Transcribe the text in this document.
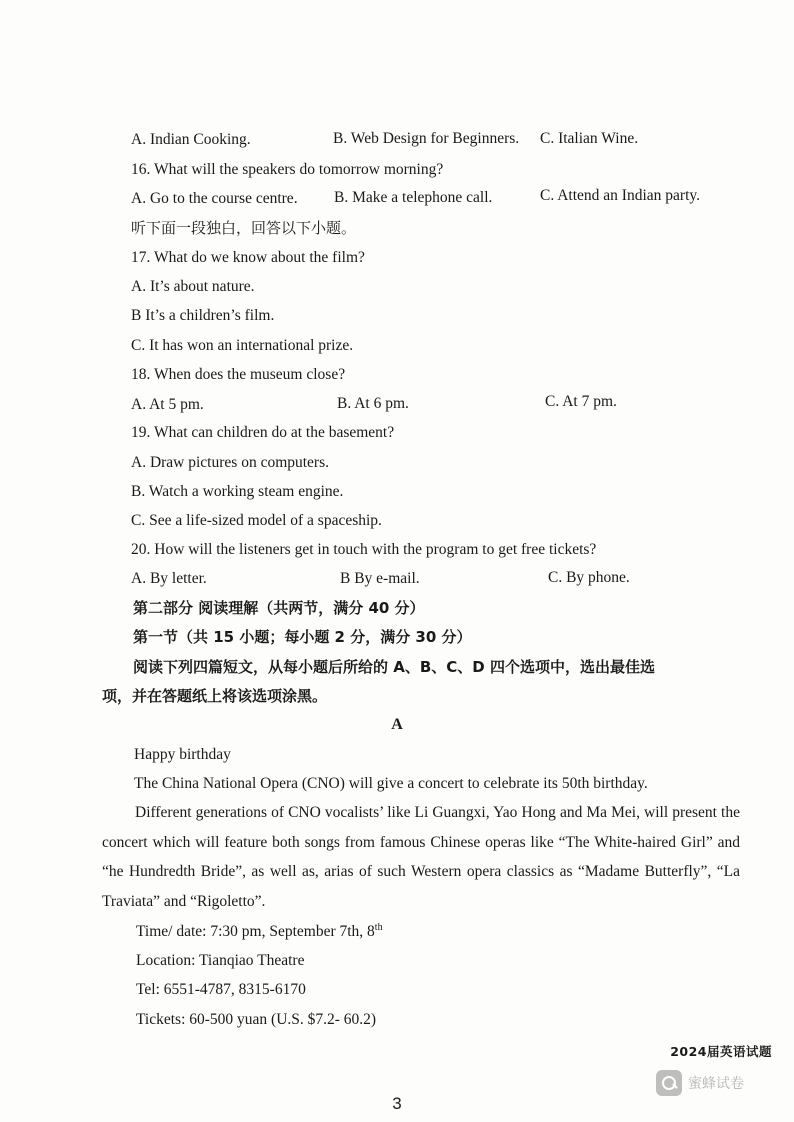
A. Indian Cooking.	B. Web Design for Beginners. C. Italian Wine.
16. What will the speakers do tomorrow morning?
A. Go to the course centre. B. Make a telephone call.	C. Attend an Indian party.
听下面一段独白，回答以下小题。
17. What do we know about the film?
A. It’s about nature.
B It’s a children’s film.
C. It has won an international prize.
18. When does the museum close?
A. At 5 pm.	B. At 6 pm.	C. At 7 pm.
19. What can children do at the basement?
A. Draw pictures on computers.
B. Watch a working steam engine.
C. See a life-sized model of a spaceship.
20. How will the listeners get in touch with the program to get free tickets?
A. By letter.	B By e-mail.	C. By phone.
第二部分 阅读理解（共两节，满分 40 分）
第一节（共 15 小题；每小题 2 分，满分 30 分）
阅读下列四篇短文，从每小题后所给的 A、B、C、D 四个选项中，选出最佳选
项，并在答题纸上将该选项涂黑。
A
Happy birthday
The China National Opera (CNO) will give a concert to celebrate its 50th birthday.
Different generations of CNO vocalists’ like Li Guangxi, Yao Hong and Ma Mei, will present the concert which will feature both songs from famous Chinese operas like “The White-haired Girl” and “he Hundredth Bride”, as well as, arias of such Western opera classics as “Madame Butterfly”, “La Traviata” and “Rigoletto”.
Time/ date: 7:30 pm, September 7th, 8th
Location: Tianqiao Theatre
Tel: 6551-4787, 8315-6170
Tickets: 60-500 yuan (U.S. $7.2- 60.2)
2024届英语试题
3
蜜蜂试卷
